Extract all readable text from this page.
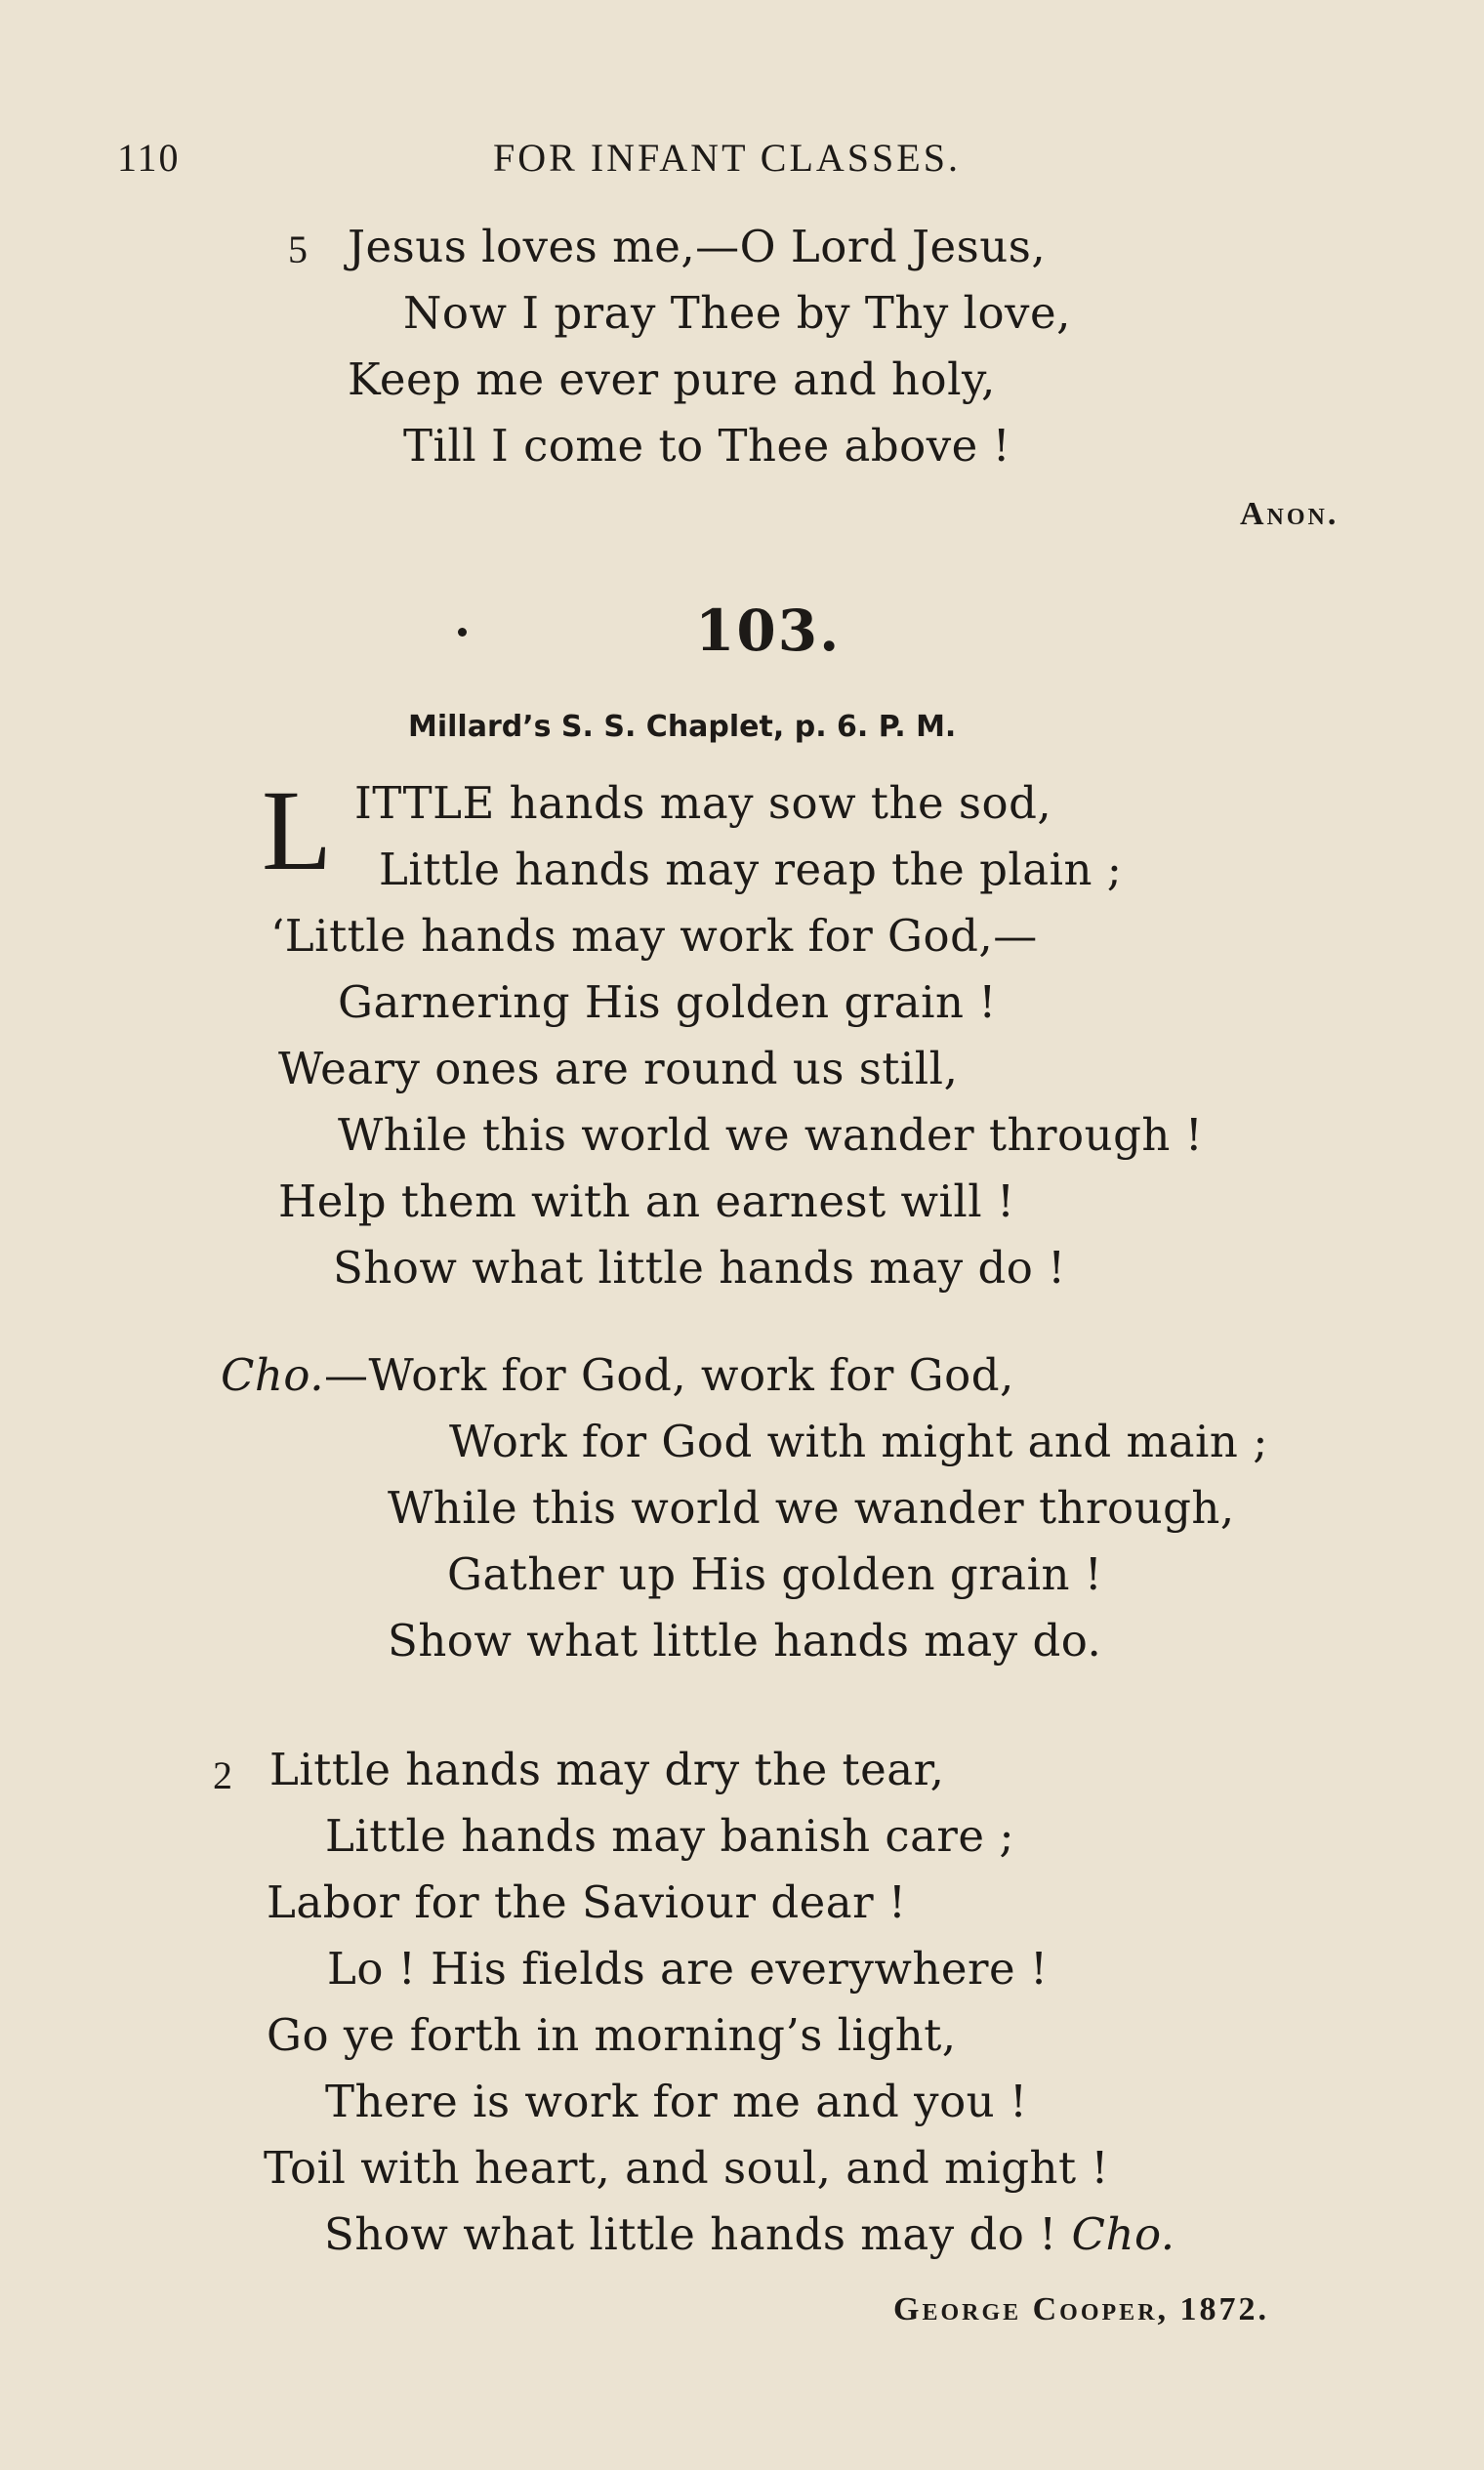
110	FOR INFANT CLASSES.
5 Jesus loves me,—O Lord Jesus,
Now I pray Thee by Thy love,
Keep me ever pure and holy,
Till I come to Thee above !
Anon.
103.
Millard’s S. S. Chaplet, p. 6. P. M.
L ITTLE hands may sow the sod,
Little hands may reap the plain ;
‘Little hands may work for God,—
Garnering His golden grain !
Weary ones are round us still,
While this world we wander through !
Help them with an earnest will !
Show what little hands may do !
Cho.—Work for God, work for God,
Work for God with might and main ;
While this world we wander through,
Gather up His golden grain !
Show what little hands may do.
2 Little hands may dry the tear,
Little hands may banish care ;
Labor for the Saviour dear !
Lo ! His fields are everywhere !
Go ye forth in morning’s light,
There is work for me and you !
Toil with heart, and soul, and might !
Show what little hands may do ! Cho.
George Cooper, 1872.
